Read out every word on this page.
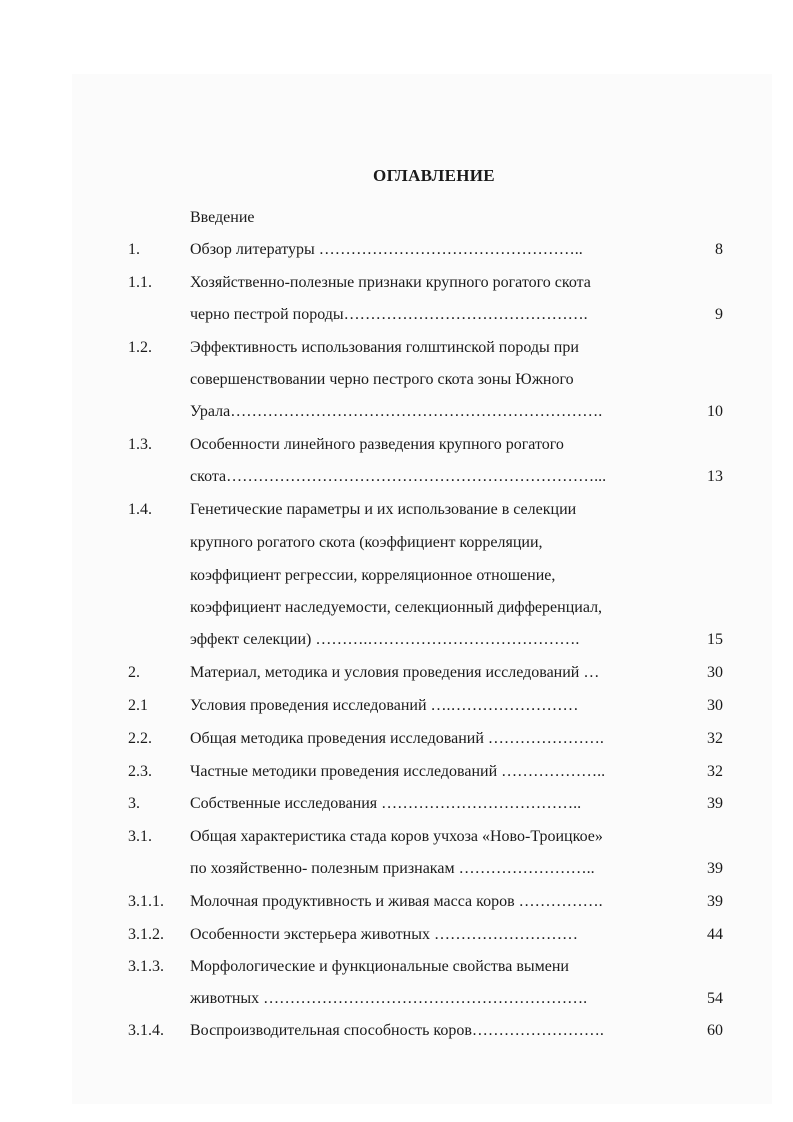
ОГЛАВЛЕНИЕ
Введение
1.	Обзор литературы …………………………………………..	8
1.1. Хозяйственно-полезные признаки крупного рогатого скота
черно пестрой породы……………………………………….	9
1.2. Эффективность использования голштинской породы при
совершенствовании черно пестрого скота зоны Южного
Урала…………………………………………………………….	10
1.3. Особенности линейного разведения крупного рогатого
скота……………………………………………………………...	13
1.4. Генетические параметры и их использование в селекции
крупного рогатого скота (коэффициент корреляции,
коэффициент регрессии, корреляционное отношение,
коэффициент наследуемости, селекционный дифференциал,
эффект селекции) ……….………………………………….	15
2.	Материал, методика и условия проведения исследований …	30
2.1	Условия проведения исследований ….……………………	30
2.2. Общая методика проведения исследований ………………….	32
2.3. Частные методики проведения исследований ………………..	32
3.	Собственные исследования ………………………………..	39
3.1. Общая характеристика стада коров учхоза «Ново-Троицкое»
по хозяйственно- полезным признакам ……………………..	39
3.1.1. Молочная продуктивность и живая масса коров …………….	39
3.1.2. Особенности экстерьера животных ………………………	44
3.1.3. Морфологические и функциональные свойства вымени
животных …………………………………………………….	54
3.1.4. Воспроизводительная способность коров…………………….	60
